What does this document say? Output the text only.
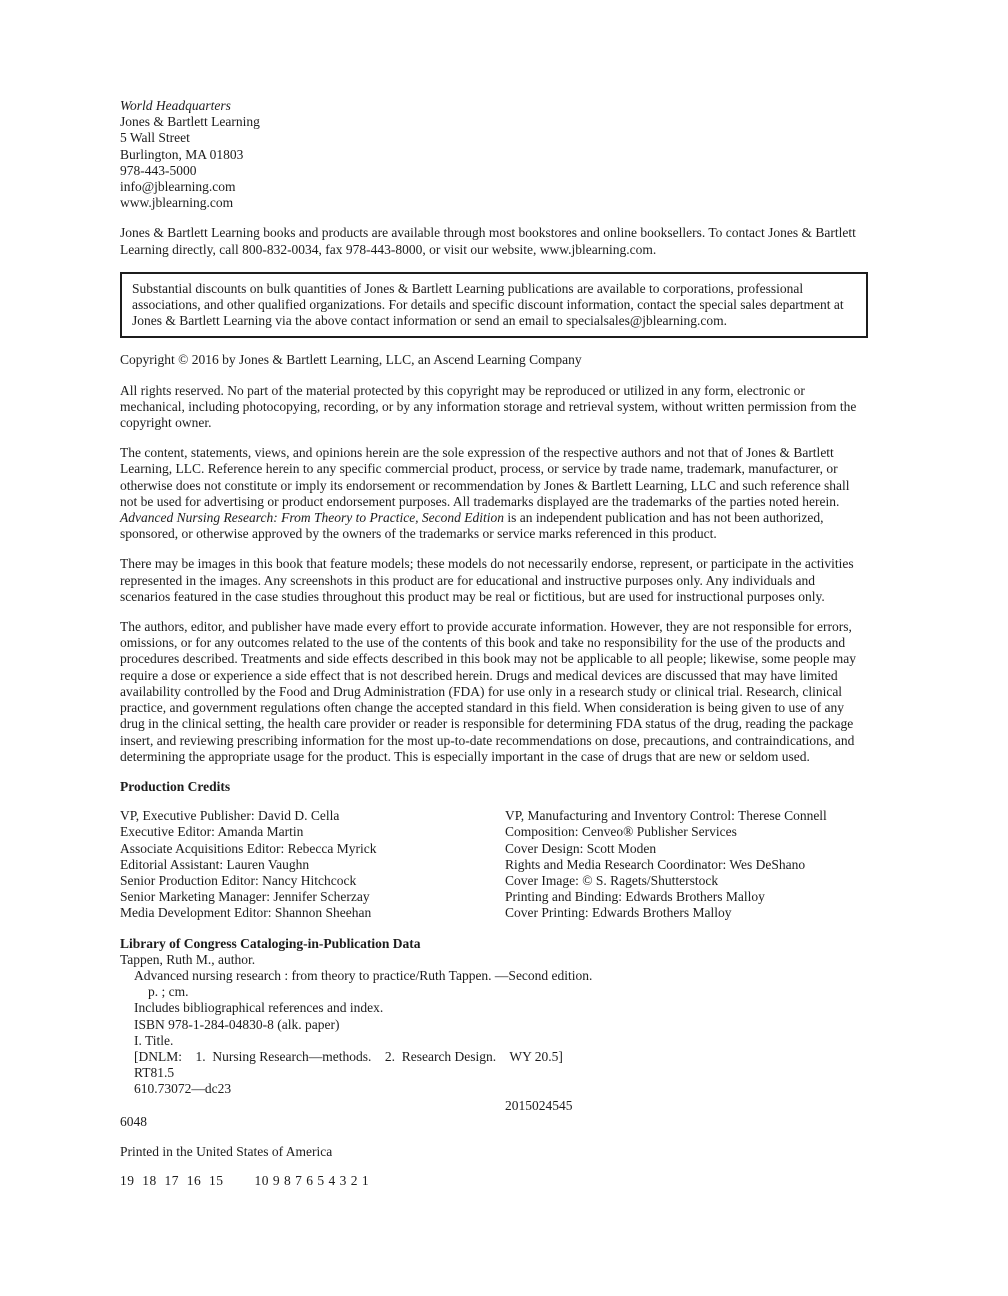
World Headquarters
Jones & Bartlett Learning
5 Wall Street
Burlington, MA 01803
978-443-5000
info@jblearning.com
www.jblearning.com

Jones & Bartlett Learning books and products are available through most bookstores and online booksellers. To contact Jones & Bartlett Learning directly, call 800-832-0034, fax 978-443-8000, or visit our website, www.jblearning.com.

Substantial discounts on bulk quantities of Jones & Bartlett Learning publications are available to corporations, professional associations, and other qualified organizations. For details and specific discount information, contact the special sales department at Jones & Bartlett Learning via the above contact information or send an email to specialsales@jblearning.com.

Copyright © 2016 by Jones & Bartlett Learning, LLC, an Ascend Learning Company

All rights reserved. No part of the material protected by this copyright may be reproduced or utilized in any form, electronic or mechanical, including photocopying, recording, or by any information storage and retrieval system, without written permission from the copyright owner.

The content, statements, views, and opinions herein are the sole expression of the respective authors and not that of Jones & Bartlett Learning, LLC. Reference herein to any specific commercial product, process, or service by trade name, trademark, manufacturer, or otherwise does not constitute or imply its endorsement or recommendation by Jones & Bartlett Learning, LLC and such reference shall not be used for advertising or product endorsement purposes. All trademarks displayed are the trademarks of the parties noted herein. Advanced Nursing Research: From Theory to Practice, Second Edition is an independent publication and has not been authorized, sponsored, or otherwise approved by the owners of the trademarks or service marks referenced in this product.

There may be images in this book that feature models; these models do not necessarily endorse, represent, or participate in the activities represented in the images. Any screenshots in this product are for educational and instructive purposes only. Any individuals and scenarios featured in the case studies throughout this product may be real or fictitious, but are used for instructional purposes only.

The authors, editor, and publisher have made every effort to provide accurate information. However, they are not responsible for errors, omissions, or for any outcomes related to the use of the contents of this book and take no responsibility for the use of the products and procedures described. Treatments and side effects described in this book may not be applicable to all people; likewise, some people may require a dose or experience a side effect that is not described herein. Drugs and medical devices are discussed that may have limited availability controlled by the Food and Drug Administration (FDA) for use only in a research study or clinical trial. Research, clinical practice, and government regulations often change the accepted standard in this field. When consideration is being given to use of any drug in the clinical setting, the health care provider or reader is responsible for determining FDA status of the drug, reading the package insert, and reviewing prescribing information for the most up-to-date recommendations on dose, precautions, and contraindications, and determining the appropriate usage for the product. This is especially important in the case of drugs that are new or seldom used.

Production Credits
VP, Executive Publisher: David D. Cella
Executive Editor: Amanda Martin
Associate Acquisitions Editor: Rebecca Myrick
Editorial Assistant: Lauren Vaughn
Senior Production Editor: Nancy Hitchcock
Senior Marketing Manager: Jennifer Scherzay
Media Development Editor: Shannon Sheehan
VP, Manufacturing and Inventory Control: Therese Connell
Composition: Cenveo® Publisher Services
Cover Design: Scott Moden
Rights and Media Research Coordinator: Wes DeShano
Cover Image: © S. Ragets/Shutterstock
Printing and Binding: Edwards Brothers Malloy
Cover Printing: Edwards Brothers Malloy
Library of Congress Cataloging-in-Publication Data
Tappen, Ruth M., author.
Advanced nursing research : from theory to practice/Ruth Tappen. —Second edition.
p. ; cm.
Includes bibliographical references and index.
ISBN 978-1-284-04830-8 (alk. paper)
I. Title.
[DNLM:    1.  Nursing Research—methods.    2.  Research Design.    WY 20.5]
RT81.5
610.73072—dc23
2015024545
6048
Printed in the United States of America
19  18  17  16  15        10 9 8 7 6 5 4 3 2 1
